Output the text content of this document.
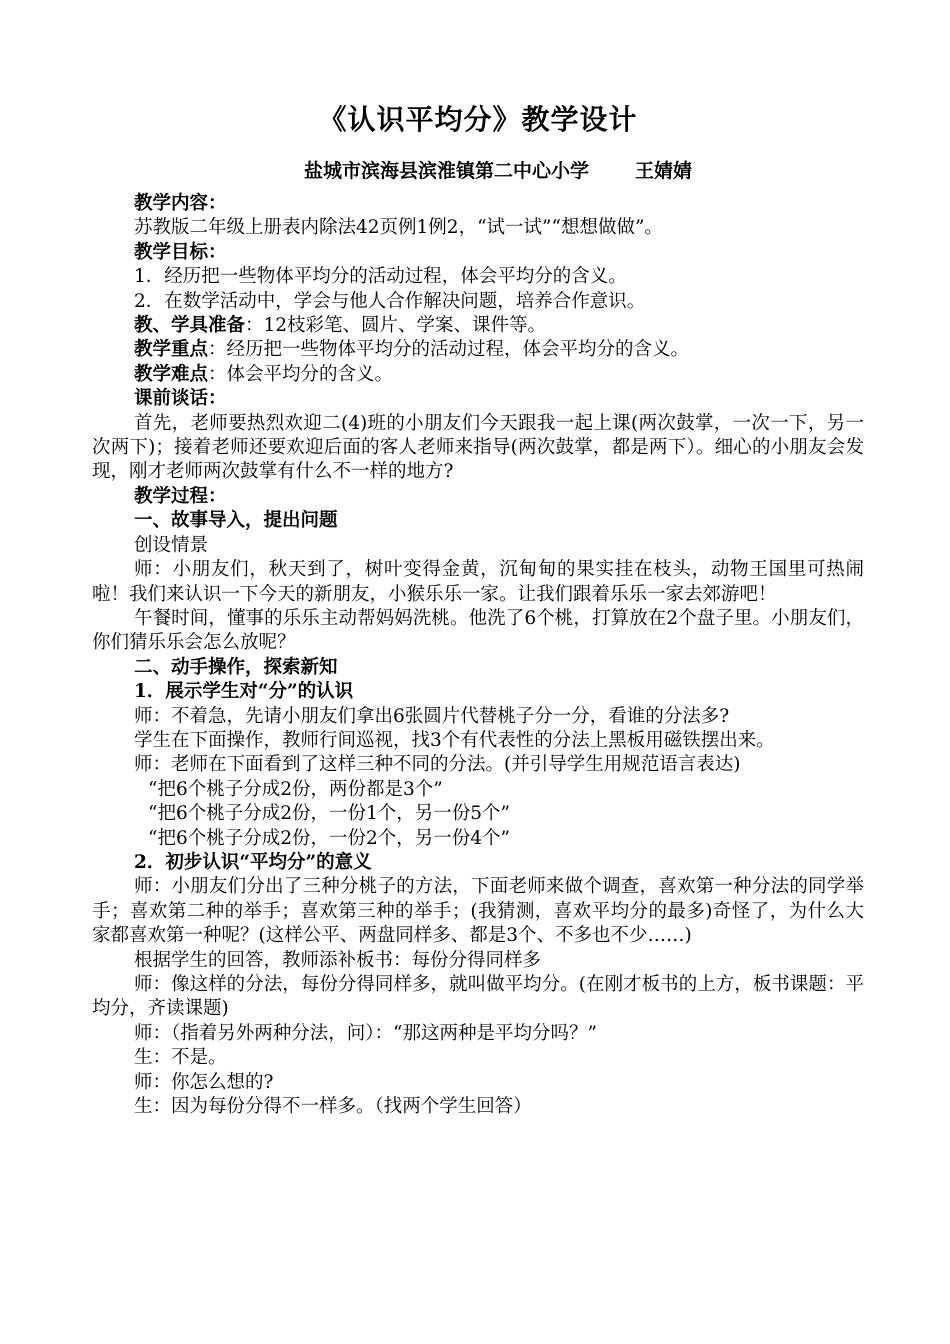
《认识平均分》教学设计
盐城市滨海县滨淮镇第二中心小学 王婧婧

教学内容：

苏教版二年级上册表内除法42页例1例2，“试一试”“想想做做”。

教学目标：

1．经历把一些物体平均分的活动过程，体会平均分的含义。

2．在数学活动中，学会与他人合作解决问题，培养合作意识。

教、学具准备：12枝彩笔、圆片、学案、课件等。

教学重点：经历把一些物体平均分的活动过程，体会平均分的含义。

教学难点：体会平均分的含义。

课前谈话：

首先，老师要热烈欢迎二(4)班的小朋友们今天跟我一起上课(两次鼓掌，一次一下，另一次两下)；接着老师还要欢迎后面的客人老师来指导(两次鼓掌，都是两下）。细心的小朋友会发现，刚才老师两次鼓掌有什么不一样的地方?

教学过程：

一、故事导入，提出问题

创设情景

师：小朋友们，秋天到了，树叶变得金黄，沉甸甸的果实挂在枝头，动物王国里可热闹啦！我们来认识一下今天的新朋友，小猴乐乐一家。让我们跟着乐乐一家去郊游吧！

午餐时间，懂事的乐乐主动帮妈妈洗桃。他洗了6个桃，打算放在2个盘子里。小朋友们，你们猜乐乐会怎么放呢？

二、动手操作，探索新知

1．展示学生对“分”的认识

师：不着急，先请小朋友们拿出6张圆片代替桃子分一分，看谁的分法多?

学生在下面操作，教师行间巡视，找3个有代表性的分法上黑板用磁铁摆出来。

师：老师在下面看到了这样三种不同的分法。(并引导学生用规范语言表达)

“把6个桃子分成2份，两份都是3个”

“把6个桃子分成2份，一份1个，另一份5个”

“把6个桃子分成2份，一份2个，另一份4个”

2．初步认识“平均分”的意义

师：小朋友们分出了三种分桃子的方法，下面老师来做个调查，喜欢第一种分法的同学举手；喜欢第二种的举手；喜欢第三种的举手；(我猜测，喜欢平均分的最多)奇怪了，为什么大家都喜欢第一种呢？(这样公平、两盘同样多、都是3个、不多也不少……)

根据学生的回答，教师添补板书：每份分得同样多

师：像这样的分法，每份分得同样多，就叫做平均分。(在刚才板书的上方，板书课题：平均分，齐读课题)

师：（指着另外两种分法，问）：“那这两种是平均分吗？”

生：不是。

师：你怎么想的?

生：因为每份分得不一样多。（找两个学生回答）
